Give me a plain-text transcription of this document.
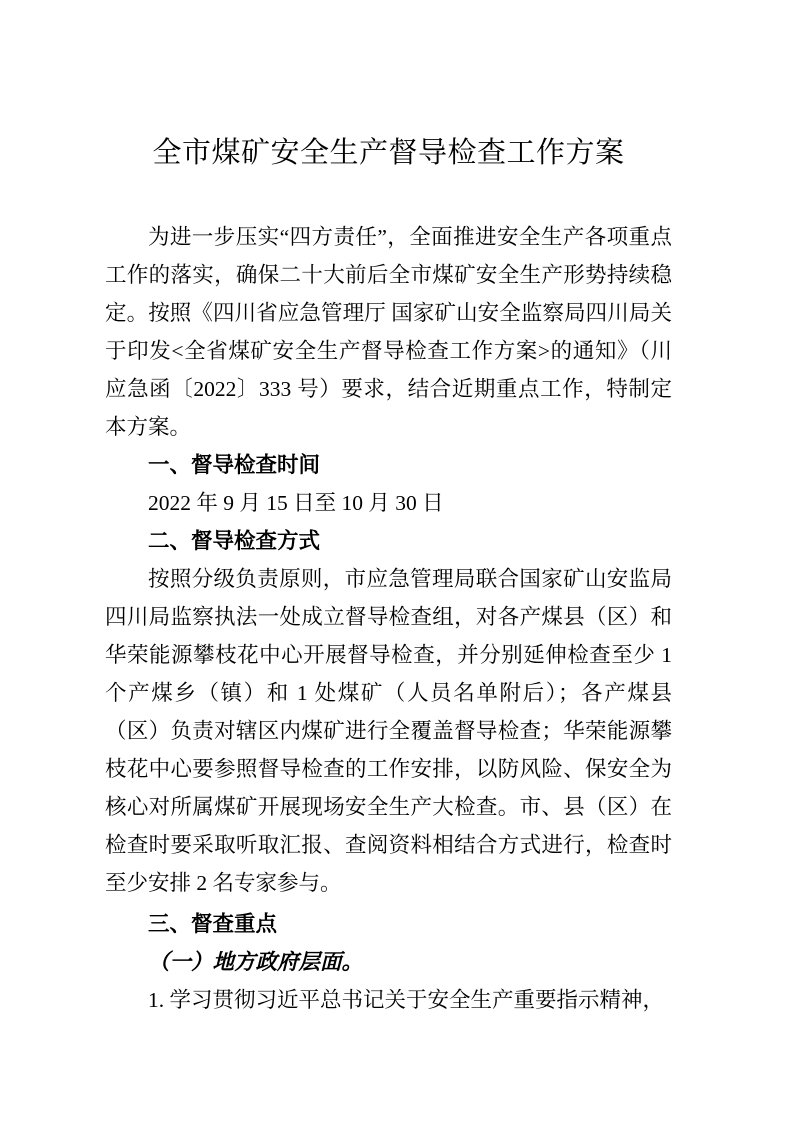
全市煤矿安全生产督导检查工作方案

为进一步压实“四方责任”，全面推进安全生产各项重点工作的落实，确保二十大前后全市煤矿安全生产形势持续稳定。按照《四川省应急管理厅 国家矿山安全监察局四川局关于印发<全省煤矿安全生产督导检查工作方案>的通知》（川 应急函〔2022〕333 号）要求，结合近期重点工作，特制定本方案。

一、督导检查时间

2022 年 9 月 15 日至 10 月 30 日

二、督导检查方式

按照分级负责原则，市应急管理局联合国家矿山安监局四川局监察执法一处成立督导检查组，对各产煤县（区）和华荣能源攀枝花中心开展督导检查，并分别延伸检查至少 1 个产煤乡（镇）和 1 处煤矿（人员名单附后）；各产煤县（区）负责对辖区内煤矿进行全覆盖督导检查；华荣能源攀枝花中心要参照督导检查的工作安排，以防风险、保安全为核心对所属煤矿开展现场安全生产大检查。市、县（区）在检查时要采取听取汇报、查阅资料相结合方式进行，检查时至少安排 2 名专家参与。

三、督查重点

（一）地方政府层面。

1. 学习贯彻习近平总书记关于安全生产重要指示精神，
